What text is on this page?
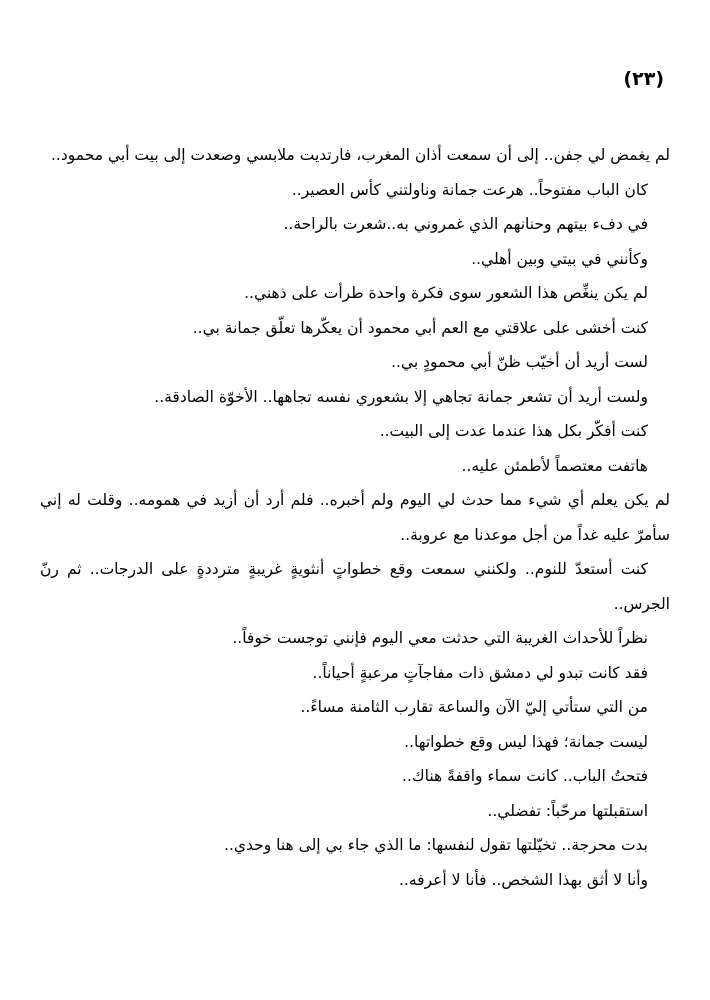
(٢٣)

لم يغمض لي جفن.. إلى أن سمعت أذان المغرب، فارتديت ملابسي وصعدت إلى بيت أبي محمود..

كان الباب مفتوحاً.. هرعت جمانة وناولتني كأس العصير..

في دفء بيتهم وحنانهم الذي غمروني به..شعرت بالراحة..

وكأنني في بيتي وبين أهلي..

لم يكن ينغِّص هذا الشعور سوى فكرة واحدة طرأت على ذهني..

كنت أخشى على علاقتي مع العم أبي محمود أن يعكّرها تعلّق جمانة بي..

لست أريد أن أخيّب ظنّ أبي محمودٍ بي..

ولست أريد أن تشعر جمانة تجاهي إلا بشعوري نفسه تجاهها.. الأخوّة الصادقة..

كنت أفكّر بكل هذا عندما عدت إلى البيت..

هاتفت معتصماً لأطمئن عليه..

لم يكن يعلم أي شيء مما حدث لي اليوم ولم أخبره.. فلم أرد أن أزيد في همومه.. وقلت له إني سأمرّ عليه غداً من أجل موعدنا مع عروبة..

كنت أستعدّ للنوم.. ولكنني سمعت وقع خطواتٍ أنثويةٍ غريبةٍ مترددةٍ على الدرجات.. ثم رنّ الجرس..

نظراً للأحداث الغريبة التي حدثت معي اليوم فإنني توجست خوفاً..

فقد كانت تبدو لي دمشق ذات مفاجآتٍ مرعبةٍ أحياناً..

من التي ستأتي إليّ الآن والساعة تقارب الثامنة مساءً..

ليست جمانة؛ فهذا ليس وقع خطواتها..

فتحتُ الباب.. كانت سماء واقفةً هناك..

استقبلتها مرحّباً: تفضلي..

بدت محرجة.. تخيّلتها تقول لنفسها: ما الذي جاء بي إلى هنا وحدي..

وأنا لا أثق بهذا الشخص.. فأنا لا أعرفه..
